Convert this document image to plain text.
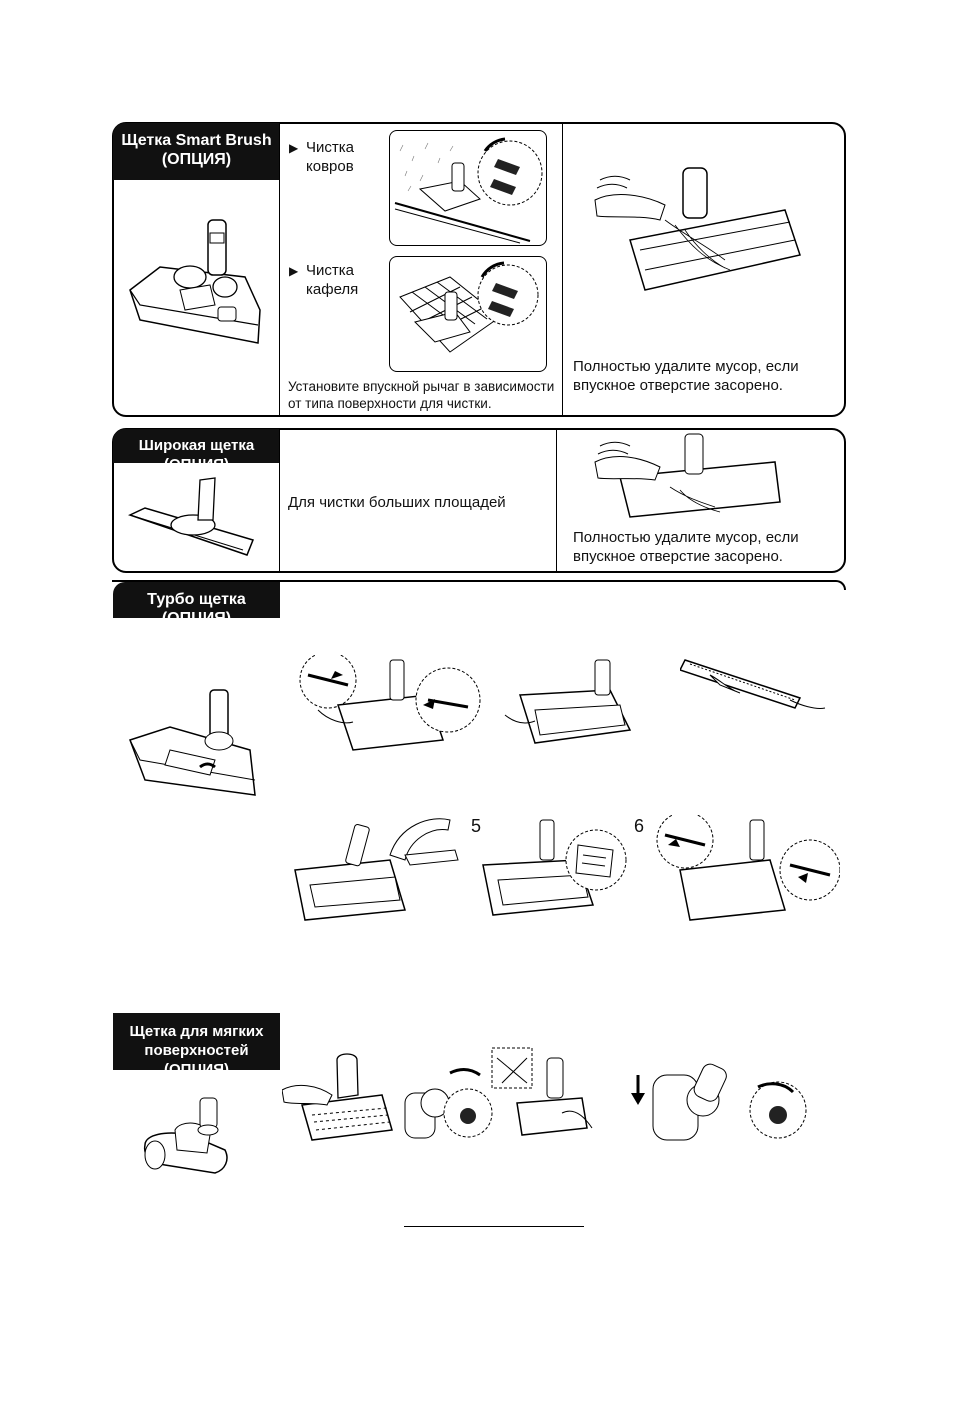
Щетка Smart Brush
(ОПЦИЯ)
▶ Чистка
ковров
▶ Чистка
кафеля
Установите впускной рычаг в зависимости
от типа поверхности для чистки.
Полностью удалите мусор, если
впускное отверстие засорено.
Широкая щетка (ОПЦИЯ)
Для чистки больших площадей
Полностью удалите мусор, если
впускное отверстие засорено.
Турбо щетка (ОПЦИЯ)
5	6
Щетка для мягких
поверхностей (ОПЦИЯ)
